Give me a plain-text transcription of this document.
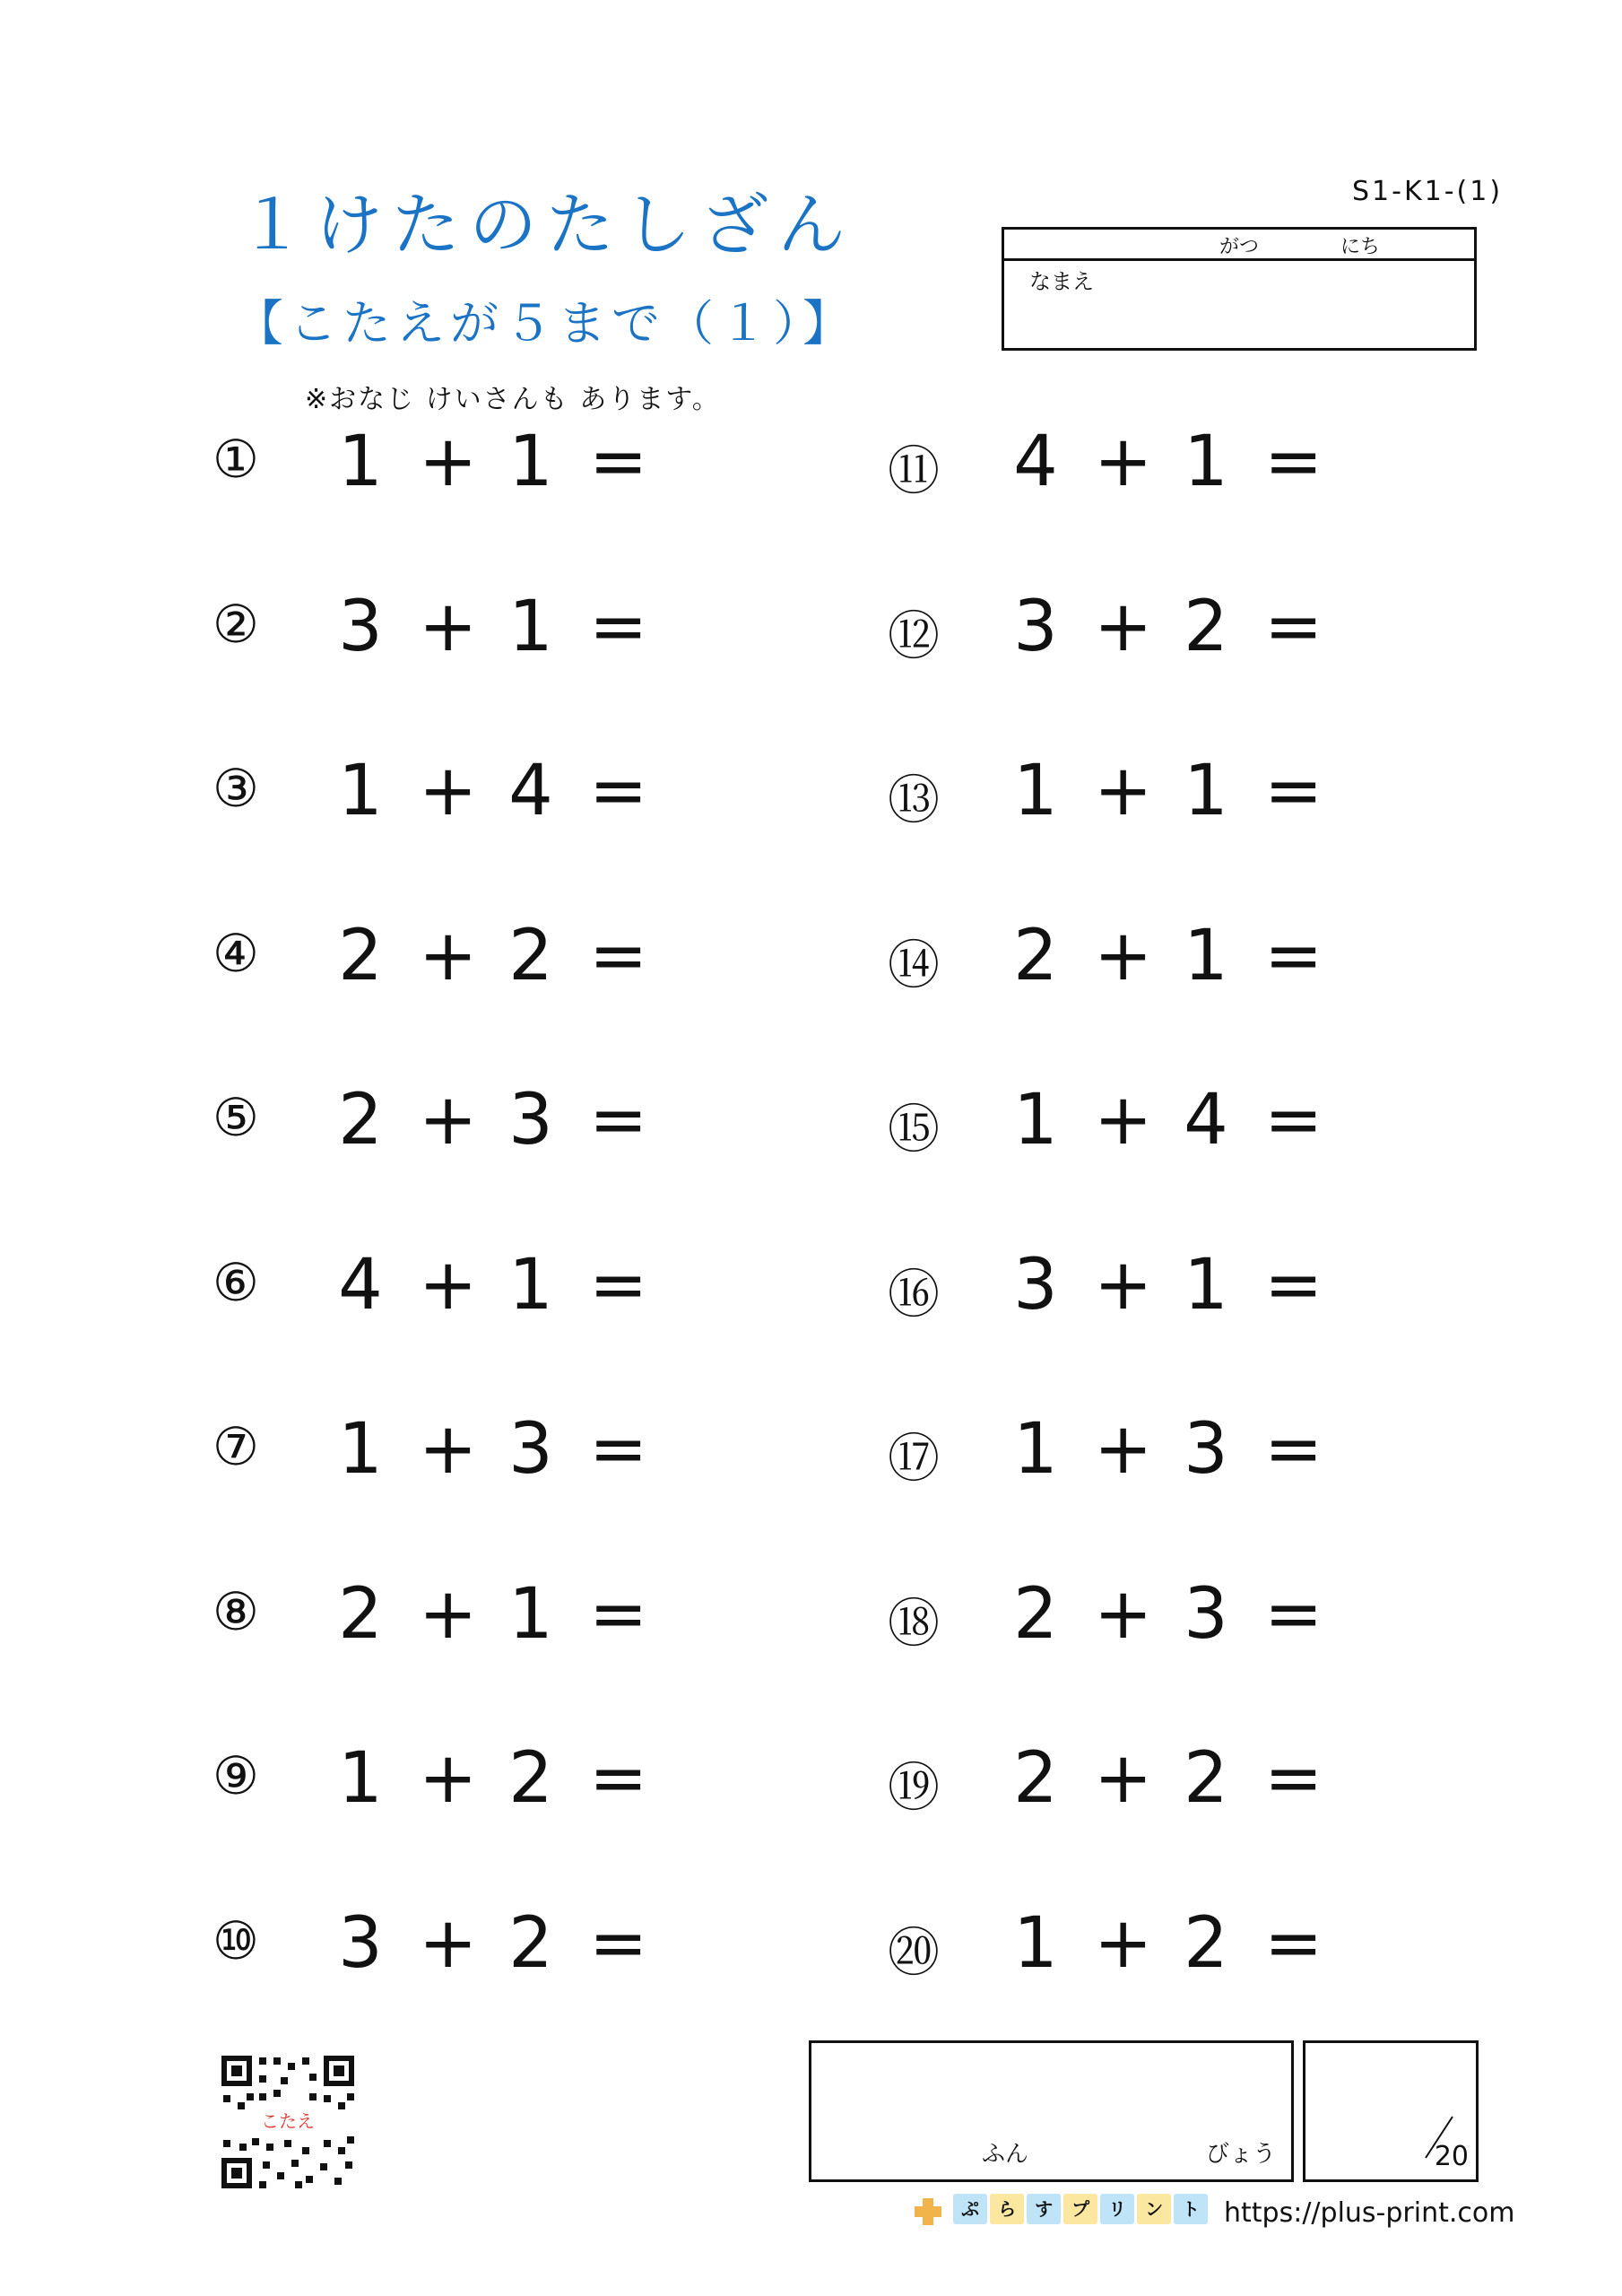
１けたのたしざん
【こたえが５まで（１）】
※おなじ けいさんも あります。
S1-K1-(1)
がつ	にち
なまえ
① 1 + 1 =
② 3 + 1 =
③ 1 + 4 =
④ 2 + 2 =
⑤ 2 + 3 =
⑥ 4 + 1 =
⑦ 1 + 3 =
⑧ 2 + 1 =
⑨ 1 + 2 =
⑩ 3 + 2 =
⑪ 4 + 1 =
⑫ 3 + 2 =
⑬ 1 + 1 =
⑭ 2 + 1 =
⑮ 1 + 4 =
⑯ 3 + 1 =
⑰ 1 + 3 =
⑱ 2 + 3 =
⑲ 2 + 2 =
⑳ 1 + 2 =
こたえ
ふん	びょう	20
ぷ ら す プ リ ン ト https://plus-print.com
